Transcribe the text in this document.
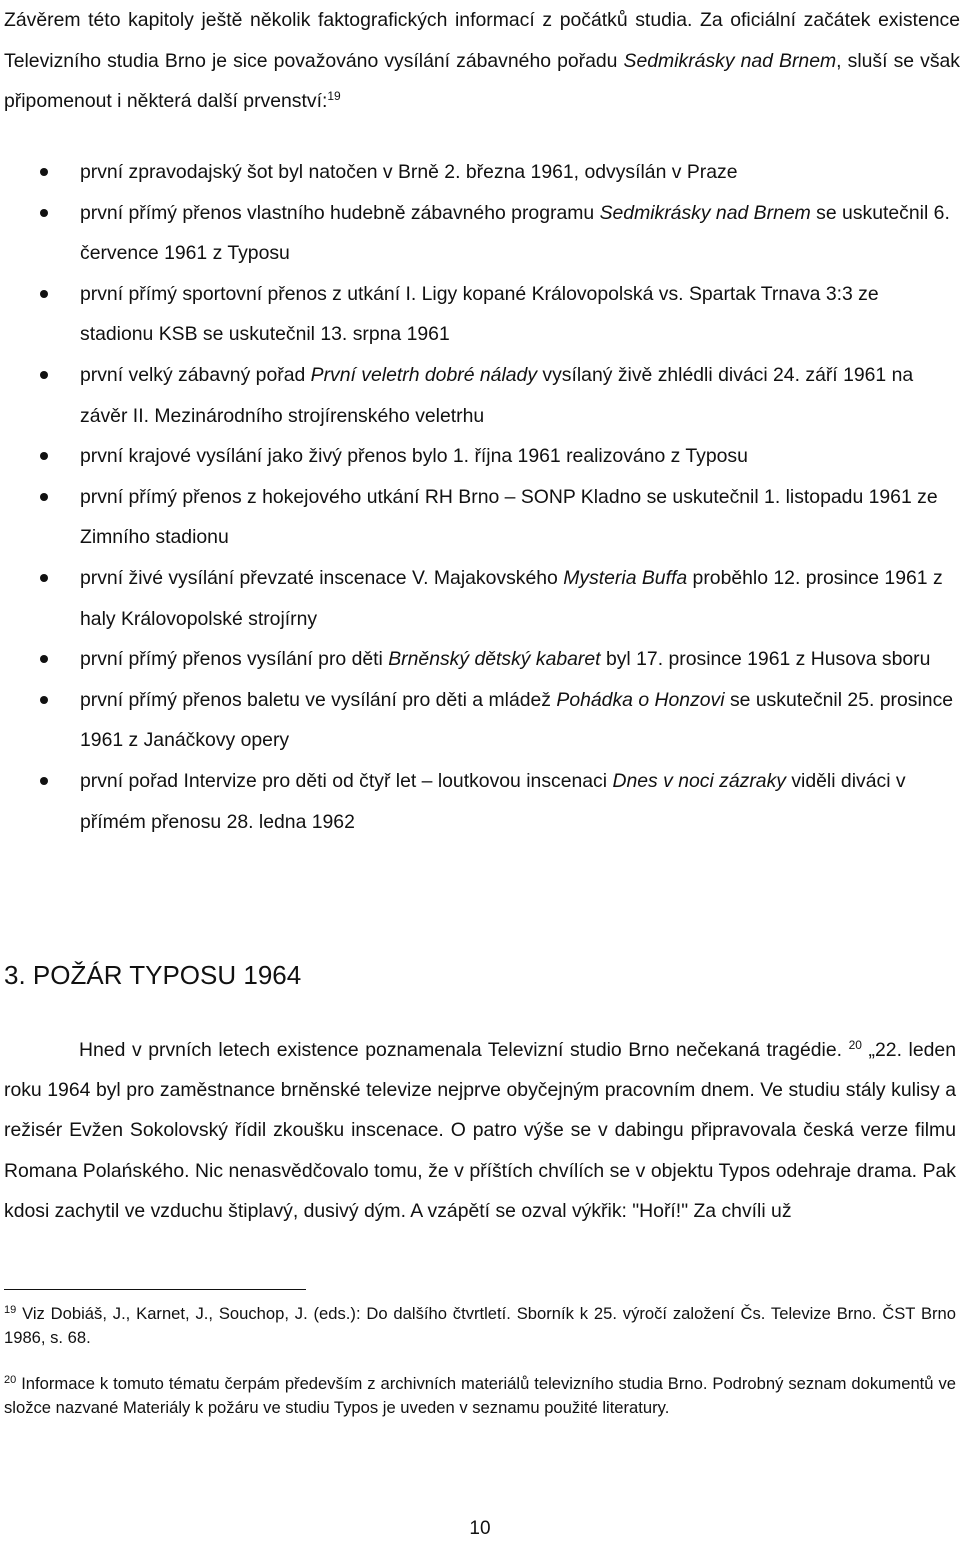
Závěrem této kapitoly ještě několik faktografických informací z počátků studia. Za oficiální začátek existence Televizního studia Brno je sice považováno vysílání zábavného pořadu Sedmikrásky nad Brnem, sluší se však připomenout i některá další prvenství:$^{19}$

první zpravodajský šot byl natočen v Brně 2. března 1961, odvysílán v Praze
první přímý přenos vlastního hudebně zábavného programu Sedmikrásky nad Brnem se uskutečnil 6. července 1961 z Typosu
první přímý sportovní přenos z utkání I. Ligy kopané Královopolská vs. Spartak Trnava 3:3 ze stadionu KSB se uskutečnil 13. srpna 1961
první velký zábavný pořad První veletrh dobré nálady vysílaný živě zhlédli diváci 24. září 1961 na závěr II. Mezinárodního strojírenského veletrhu
první krajové vysílání jako živý přenos bylo 1. října 1961 realizováno z Typosu
první přímý přenos z hokejového utkání RH Brno – SONP Kladno se uskutečnil 1. listopadu 1961 ze Zimního stadionu
první živé vysílání převzaté inscenace V. Majakovského Mysteria Buffa proběhlo 12. prosince 1961 z haly Královopolské strojírny
první přímý přenos vysílání pro děti Brněnský dětský kabaret byl 17. prosince 1961 z Husova sboru
první přímý přenos baletu ve vysílání pro děti a mládež Pohádka o Honzovi se uskutečnil 25. prosince 1961 z Janáčkovy opery
první pořad Intervize pro děti od čtyř let – loutkovou inscenaci Dnes v noci zázraky viděli diváci v přímém přenosu 28. ledna 1962
3. POŽÁR TYPOSU 1964

Hned v prvních letech existence poznamenala Televizní studio Brno nečekaná tragédie. $^{20}$ „22. leden roku 1964 byl pro zaměstnance brněnské televize nejprve obyčejným pracovním dnem. Ve studiu stály kulisy a režisér Evžen Sokolovský řídil zkoušku inscenace. O patro výše se v dabingu připravovala česká verze filmu Romana Polańského. Nic nenasvědčovalo tomu, že v příštích chvílích se v objektu Typos odehraje drama. Pak kdosi zachytil ve vzduchu štiplavý, dusivý dým. A vzápětí se ozval výkřik: "Hoří!" Za chvíli už

$^{19}$ Viz Dobiáš, J., Karnet, J., Souchop, J. (eds.): Do dalšího čtvrtletí. Sborník k 25. výročí založení Čs. Televize Brno. ČST Brno 1986, s. 68.

$^{20}$ Informace k tomuto tématu čerpám především z archivních materiálů televizního studia Brno. Podrobný seznam dokumentů ve složce nazvané Materiály k požáru ve studiu Typos je uveden v seznamu použité literatury.

10
